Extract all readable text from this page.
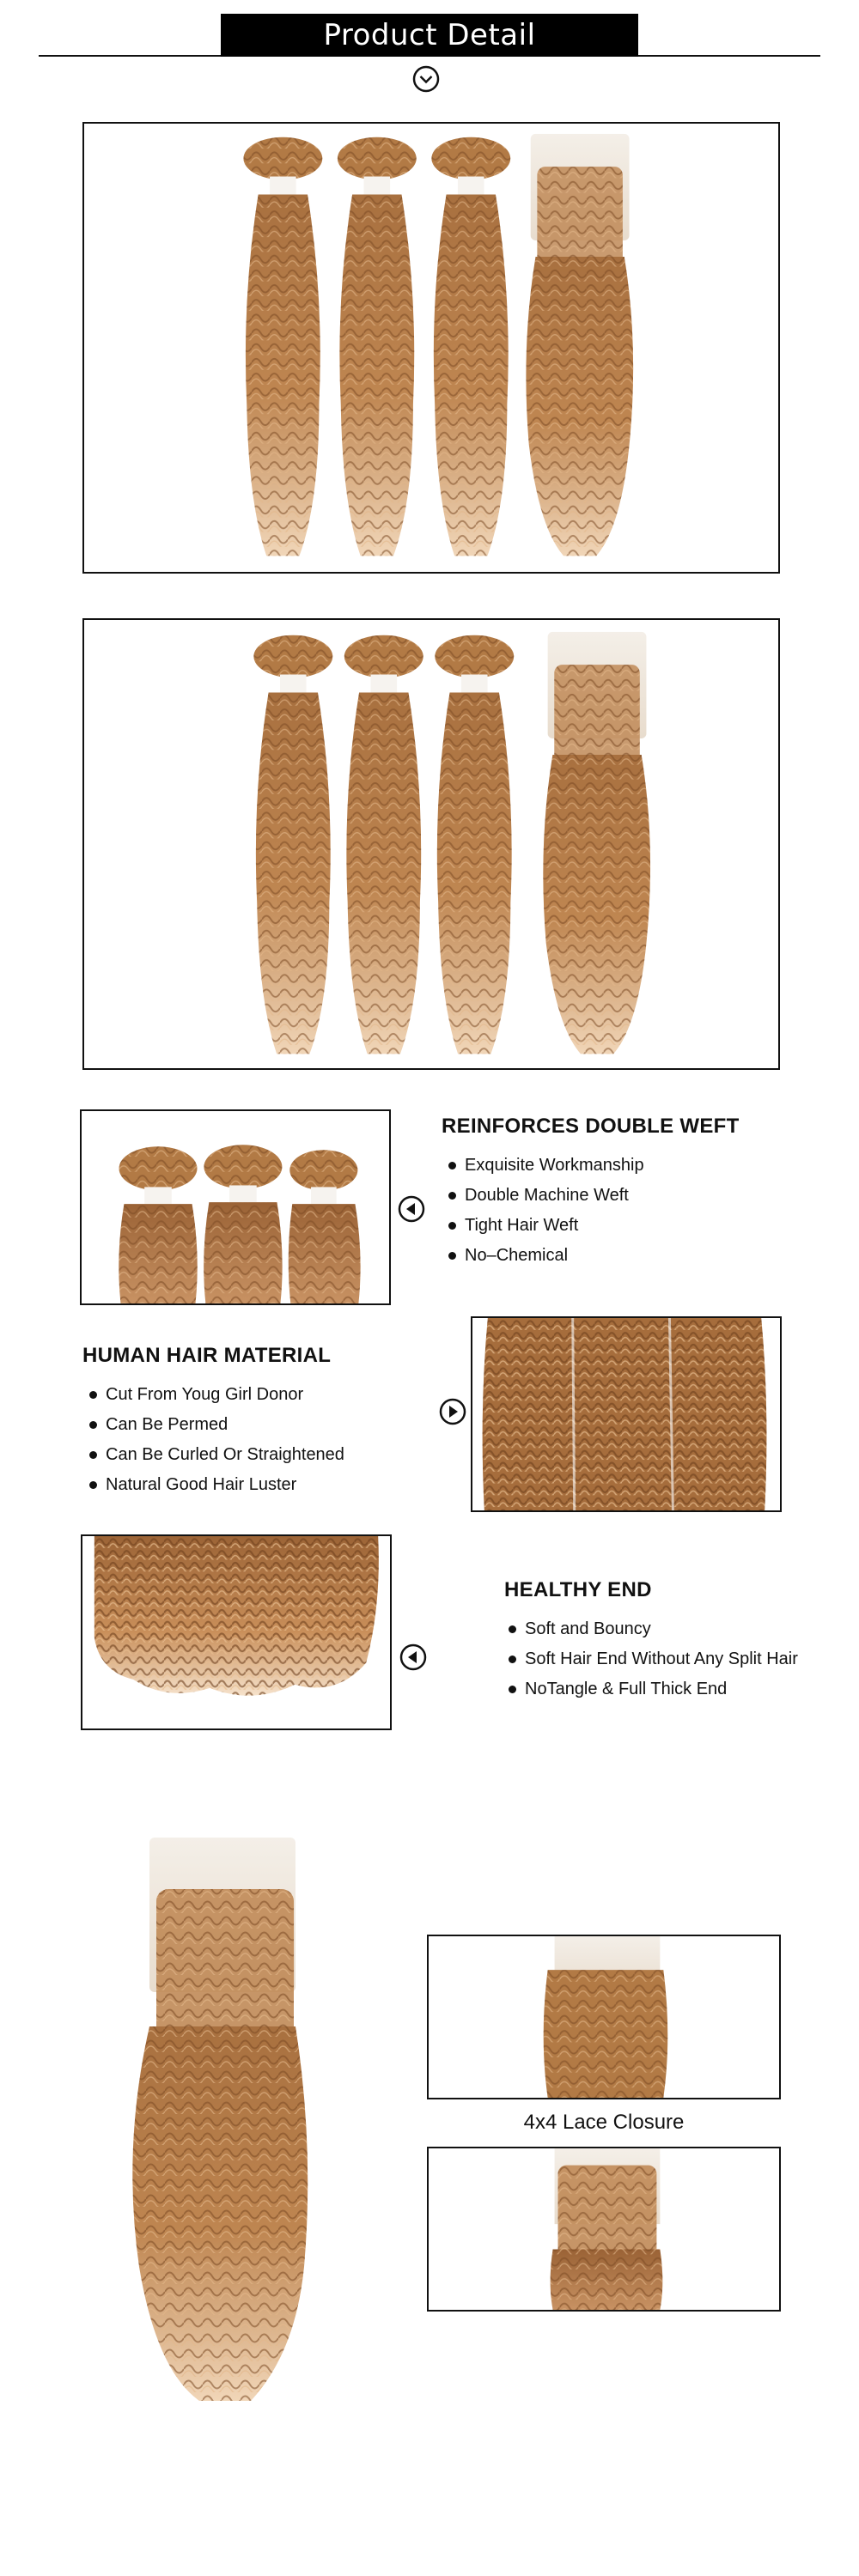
Product Detail
REINFORCES DOUBLE WEFT
Exquisite Workmanship
Double Machine Weft
Tight Hair Weft
No–Chemical
HUMAN HAIR MATERIAL
Cut From Youg Girl Donor
Can Be Permed
Can Be Curled Or Straightened
Natural Good Hair Luster
HEALTHY END
Soft and Bouncy
Soft Hair End Without Any Split Hair
NoTangle & Full Thick End
4x4 Lace Closure
